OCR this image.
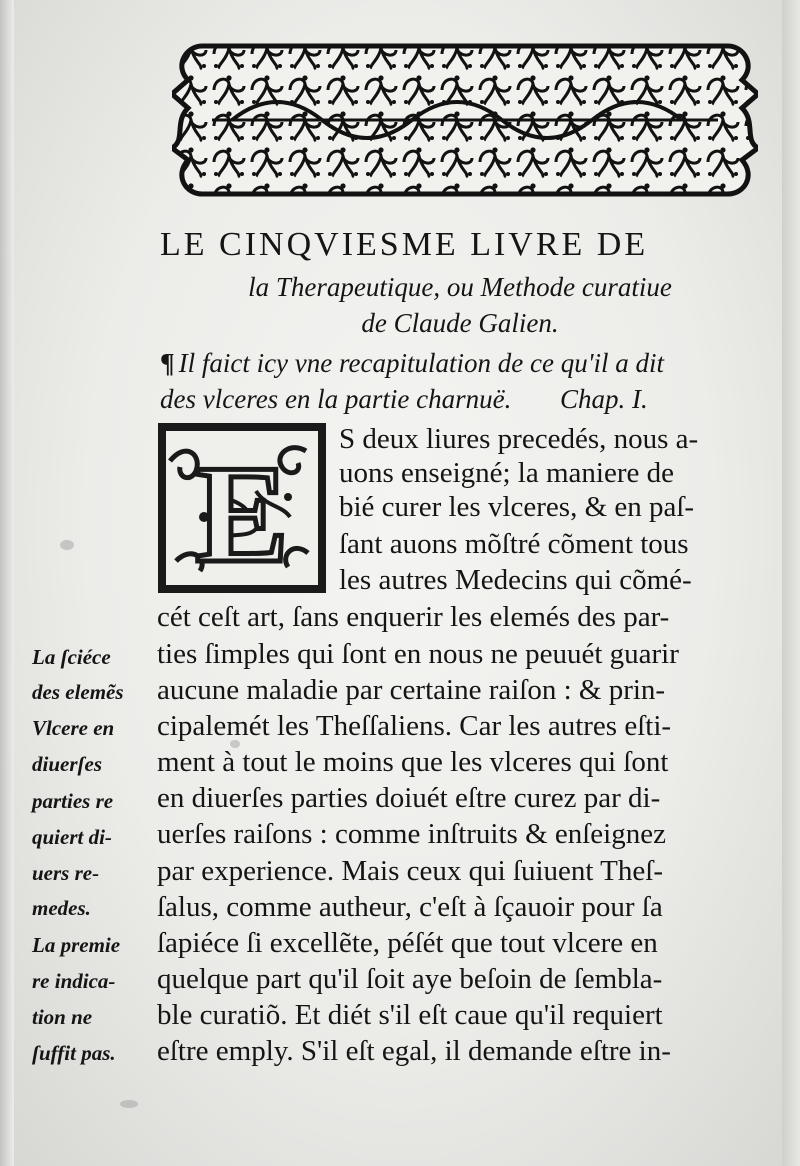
LE CINQVIESME LIVRE DE
la Therapeutique, ou Methode curatiue
de Claude Galien.
¶ Il faict icy vne recapitulation de ce qu'il a dit
des vlceres en la partie charnuë. Chap. I.
E S deux liures precedés, nous a-
uons enseigné; la maniere de
bié curer les vlceres, & en paſ-
ſant auons mõſtré cõment tous
les autres Medecins qui cõmé-
cét ceſt art, ſans enquerir les elemés des par-
ties ſimples qui ſont en nous ne peuuét guarir
aucune maladie par certaine raiſon : & prin-
cipalemét les Theſſaliens. Car les autres eſti-
ment à tout le moins que les vlceres qui ſont
en diuerſes parties doiuét eſtre curez par di-
uerſes raiſons : comme inſtruits & enſeignez
par experience. Mais ceux qui ſuiuent Theſ-
ſalus, comme autheur, c'eſt à ſçauoir pour ſa
ſapiéce ſi excellẽte, péſét que tout vlcere en
quelque part qu'il ſoit aye beſoin de ſembla-
ble curatiõ. Et diét s'il eſt caue qu'il requiert
eſtre emply. S'il eſt egal, il demande eſtre in-
La ſciéce
des elemẽs
Vlcere en
diuerſes
parties re
quiert di-
uers re-
medes.
La premie
re indica-
tion ne
ſuffit pas.
